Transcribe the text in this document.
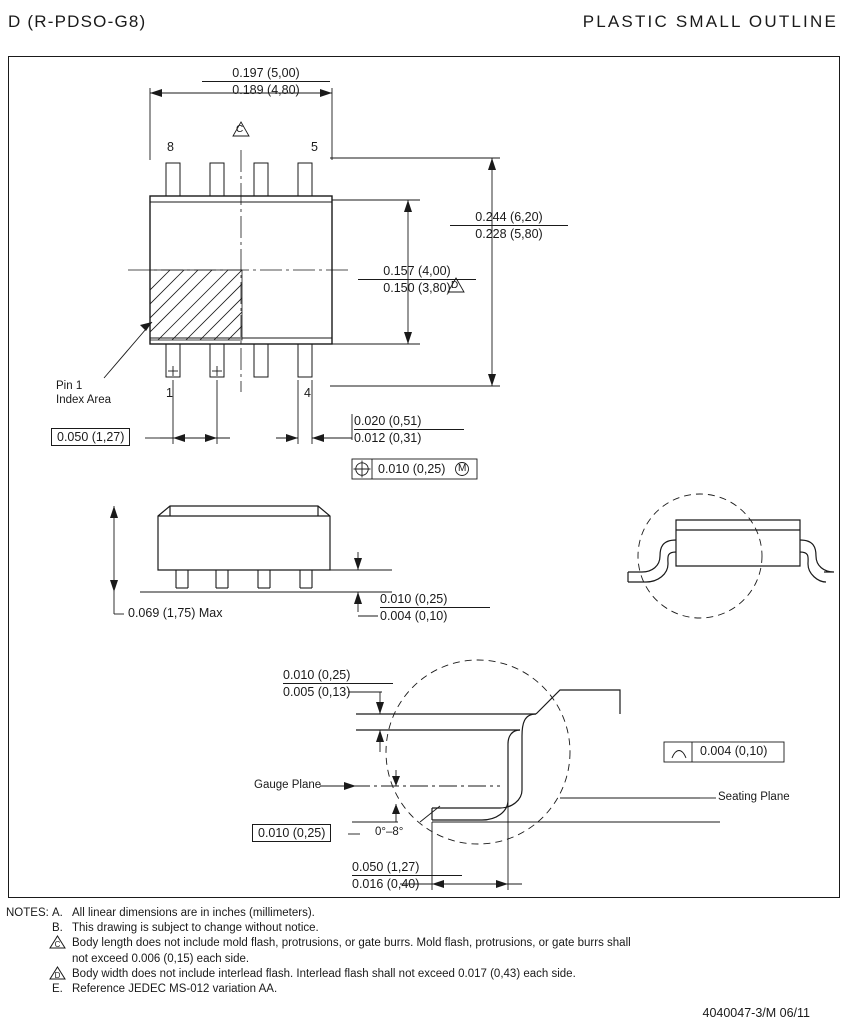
D (R-PDSO-G8)	PLASTIC SMALL OUTLINE
0.197 (5,00)
0.189 (4,80)
C
8	5
1	4
0.244 (6,20)
0.228 (5,80)
0.157 (4,00)
0.150 (3,80) D
Pin 1
Index Area
0.050 (1,27)
0.020 (0,51)
0.012 (0,31)
0.010 (0,25) M
0.069 (1,75) Max
0.010 (0,25)
0.004 (0,10)
0.010 (0,25)
0.005 (0,13)
Gauge Plane
Seating Plane
0.004 (0,10)
0.010 (0,25)	0°–8°
0.050 (1,27)
0.016 (0,40)
4040047-3/M 06/11
NOTES: A. All linear dimensions are in inches (millimeters).
B. This drawing is subject to change without notice.
C	Body length does not include mold flash, protrusions, or gate burrs. Mold flash, protrusions, or gate burrs shall
not exceed 0.006 (0,15) each side.
D	Body width does not include interlead flash. Interlead flash shall not exceed 0.017 (0,43) each side.
E. Reference JEDEC MS-012 variation AA.
